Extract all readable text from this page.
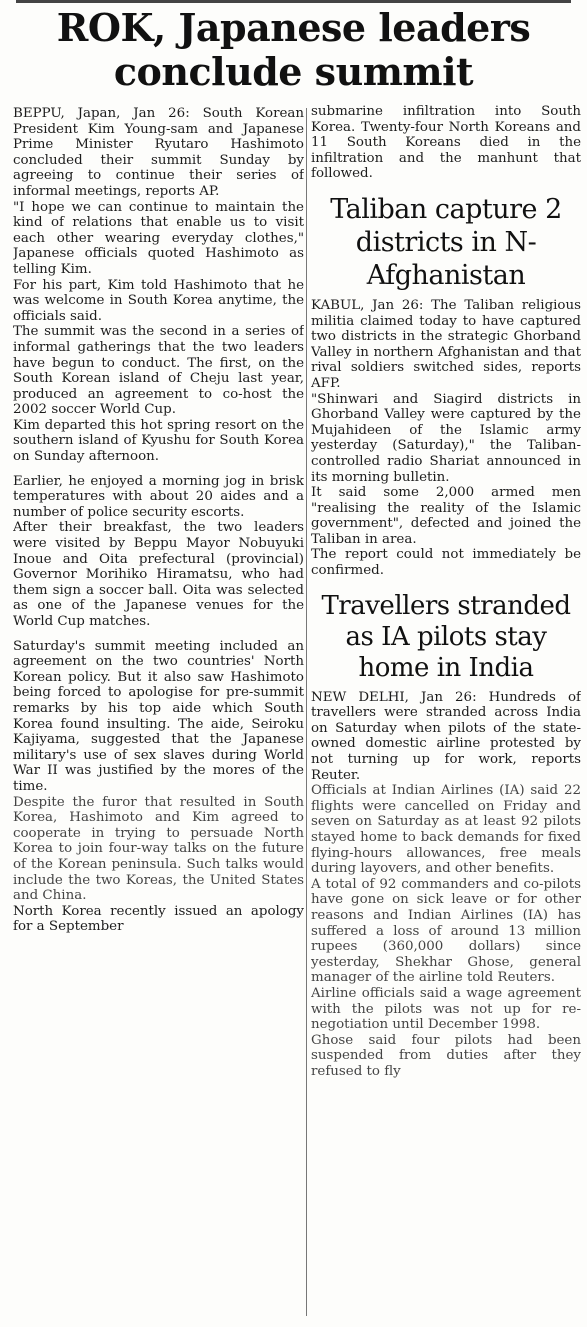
ROK, Japanese leaders conclude summit

BEPPU, Japan, Jan 26: South Korean President Kim Young-sam and Japanese Prime Minister Ryutaro Hashimoto concluded their summit Sunday by agreeing to continue their series of informal meetings, reports AP.

"I hope we can continue to maintain the kind of relations that enable us to visit each other wearing everyday clothes," Japanese officials quoted Hashimoto as telling Kim.

For his part, Kim told Hashimoto that he was welcome in South Korea anytime, the officials said.

The summit was the second in a series of informal gatherings that the two leaders have begun to conduct. The first, on the South Korean island of Cheju last year, produced an agreement to co-host the 2002 soccer World Cup.

Kim departed this hot spring resort on the southern island of Kyushu for South Korea on Sunday afternoon.

Earlier, he enjoyed a morning jog in brisk temperatures with about 20 aides and a number of police security escorts.

After their breakfast, the two leaders were visited by Beppu Mayor Nobuyuki Inoue and Oita prefectural (provincial) Governor Morihiko Hiramatsu, who had them sign a soccer ball. Oita was selected as one of the Japanese venues for the World Cup matches.

Saturday's summit meeting included an agreement on the two countries' North Korean policy. But it also saw Hashimoto being forced to apologise for pre-summit remarks by his top aide which South Korea found insulting. The aide, Seiroku Kajiyama, suggested that the Japanese military's use of sex slaves during World War II was justified by the mores of the time.

Despite the furor that resulted in South Korea, Hashimoto and Kim agreed to cooperate in trying to persuade North Korea to join four-way talks on the future of the Korean peninsula. Such talks would include the two Koreas, the United States and China.

North Korea recently issued an apology for a September

submarine infiltration into South Korea. Twenty-four North Koreans and 11 South Koreans died in the infiltration and the manhunt that followed.

Taliban capture 2 districts in N-Afghanistan

KABUL, Jan 26: The Taliban religious militia claimed today to have captured two districts in the strategic Ghorband Valley in northern Afghanistan and that rival soldiers switched sides, reports AFP.

"Shinwari and Siagird districts in Ghorband Valley were captured by the Mujahideen of the Islamic army yesterday (Saturday)," the Taliban-controlled radio Shariat announced in its morning bulletin.

It said some 2,000 armed men "realising the reality of the Islamic government", defected and joined the Taliban in area.

The report could not immediately be confirmed.

Travellers stranded as IA pilots stay home in India

NEW DELHI, Jan 26: Hundreds of travellers were stranded across India on Saturday when pilots of the state-owned domestic airline protested by not turning up for work, reports Reuter.

Officials at Indian Airlines (IA) said 22 flights were cancelled on Friday and seven on Saturday as at least 92 pilots stayed home to back demands for fixed flying-hours allowances, free meals during layovers, and other benefits.

A total of 92 commanders and co-pilots have gone on sick leave or for other reasons and Indian Airlines (IA) has suffered a loss of around 13 million rupees (360,000 dollars) since yesterday, Shekhar Ghose, general manager of the airline told Reuters.

Airline officials said a wage agreement with the pilots was not up for re-negotiation until December 1998.

Ghose said four pilots had been suspended from duties after they refused to fly
